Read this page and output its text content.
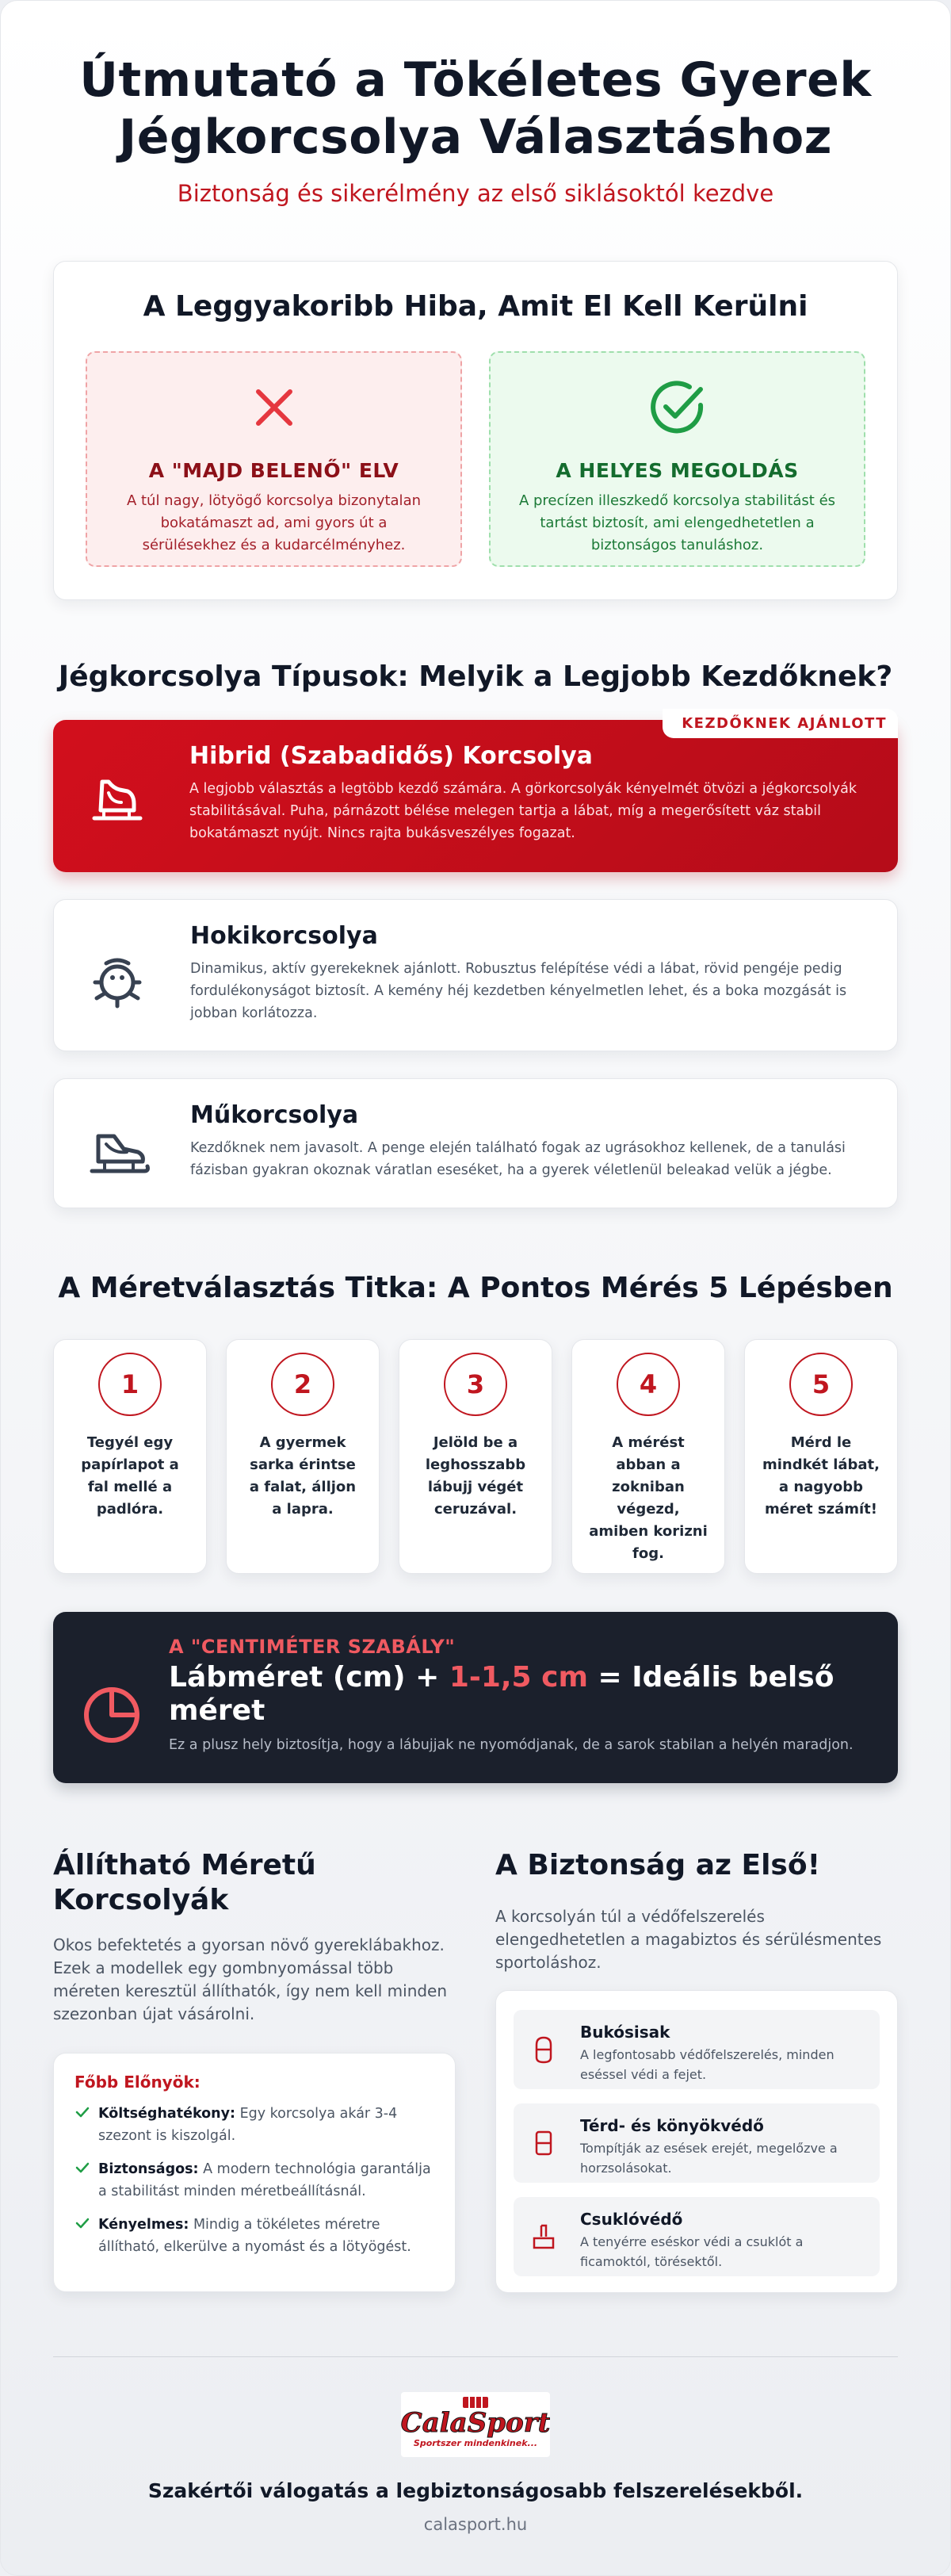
Útmutató a Tökéletes Gyerek Jégkorcsolya Választáshoz

Biztonság és sikerélmény az első siklásoktól kezdve

A Leggyakoribb Hiba, Amit El Kell Kerülni
A "MAJD BELENŐ" ELV

A túl nagy, lötyögő korcsolya bizonytalan bokatámaszt ad, ami gyors út a sérülésekhez és a kudarcélményhez.

A HELYES MEGOLDÁS

A precízen illeszkedő korcsolya stabilitást és tartást biztosít, ami elengedhetetlen a biztonságos tanuláshoz.

Jégkorcsolya Típusok: Melyik a Legjobb Kezdőknek?
KEZDŐKNEK AJÁNLOTT
Hibrid (Szabadidős) Korcsolya

A legjobb választás a legtöbb kezdő számára. A görkorcsolyák kényelmét ötvözi a jégkorcsolyák stabilitásával. Puha, párnázott bélése melegen tartja a lábat, míg a megerősített váz stabil bokatámaszt nyújt. Nincs rajta bukásveszélyes fogazat.

Hokikorcsolya

Dinamikus, aktív gyerekeknek ajánlott. Robusztus felépítése védi a lábat, rövid pengéje pedig fordulékonyságot biztosít. A kemény héj kezdetben kényelmetlen lehet, és a boka mozgását is jobban korlátozza.

Műkorcsolya

Kezdőknek nem javasolt. A penge elején található fogak az ugrásokhoz kellenek, de a tanulási fázisban gyakran okoznak váratlan eseséket, ha a gyerek véletlenül beleakad velük a jégbe.

A Méretválasztás Titka: A Pontos Mérés 5 Lépésben
1

Tegyél egy papírlapot a fal mellé a padlóra.

2

A gyermek sarka érintse a falat, álljon a lapra.

3

Jelöld be a leghosszabb lábujj végét ceruzával.

4

A mérést abban a zokniban végezd, amiben korizni fog.

5

Mérd le mindkét lábat, a nagyobb méret számít!

A "CENTIMÉTER SZABÁLY"
Lábméret (cm) + 1-1,5 cm = Ideális belső méret

Ez a plusz hely biztosítja, hogy a lábujjak ne nyomódjanak, de a sarok stabilan a helyén maradjon.

Állítható Méretű Korcsolyák

Okos befektetés a gyorsan növő gyereklábakhoz. Ezek a modellek egy gombnyomással több méreten keresztül állíthatók, így nem kell minden szezonban újat vásárolni.

Főbb Előnyök:
Költséghatékony: Egy korcsolya akár 3-4 szezont is kiszolgál.
Biztonságos: A modern technológia garantálja a stabilitást minden méretbeállításnál.
Kényelmes: Mindig a tökéletes méretre állítható, elkerülve a nyomást és a lötyögést.
A Biztonság az Első!

A korcsolyán túl a védőfelszerelés elengedhetetlen a magabiztos és sérülésmentes sportoláshoz.

Bukósisak

A legfontosabb védőfelszerelés, minden eséssel védi a fejet.

Térd- és könyökvédő

Tompítják az esések erejét, megelőzve a horzsolásokat.

Csuklóvédő

A tenyérre eséskor védi a csuklót a ficamoktól, törésektől.

CalaSport
Sportszer mindenkinek...

Szakértői válogatás a legbiztonságosabb felszerelésekből.

calasport.hu
